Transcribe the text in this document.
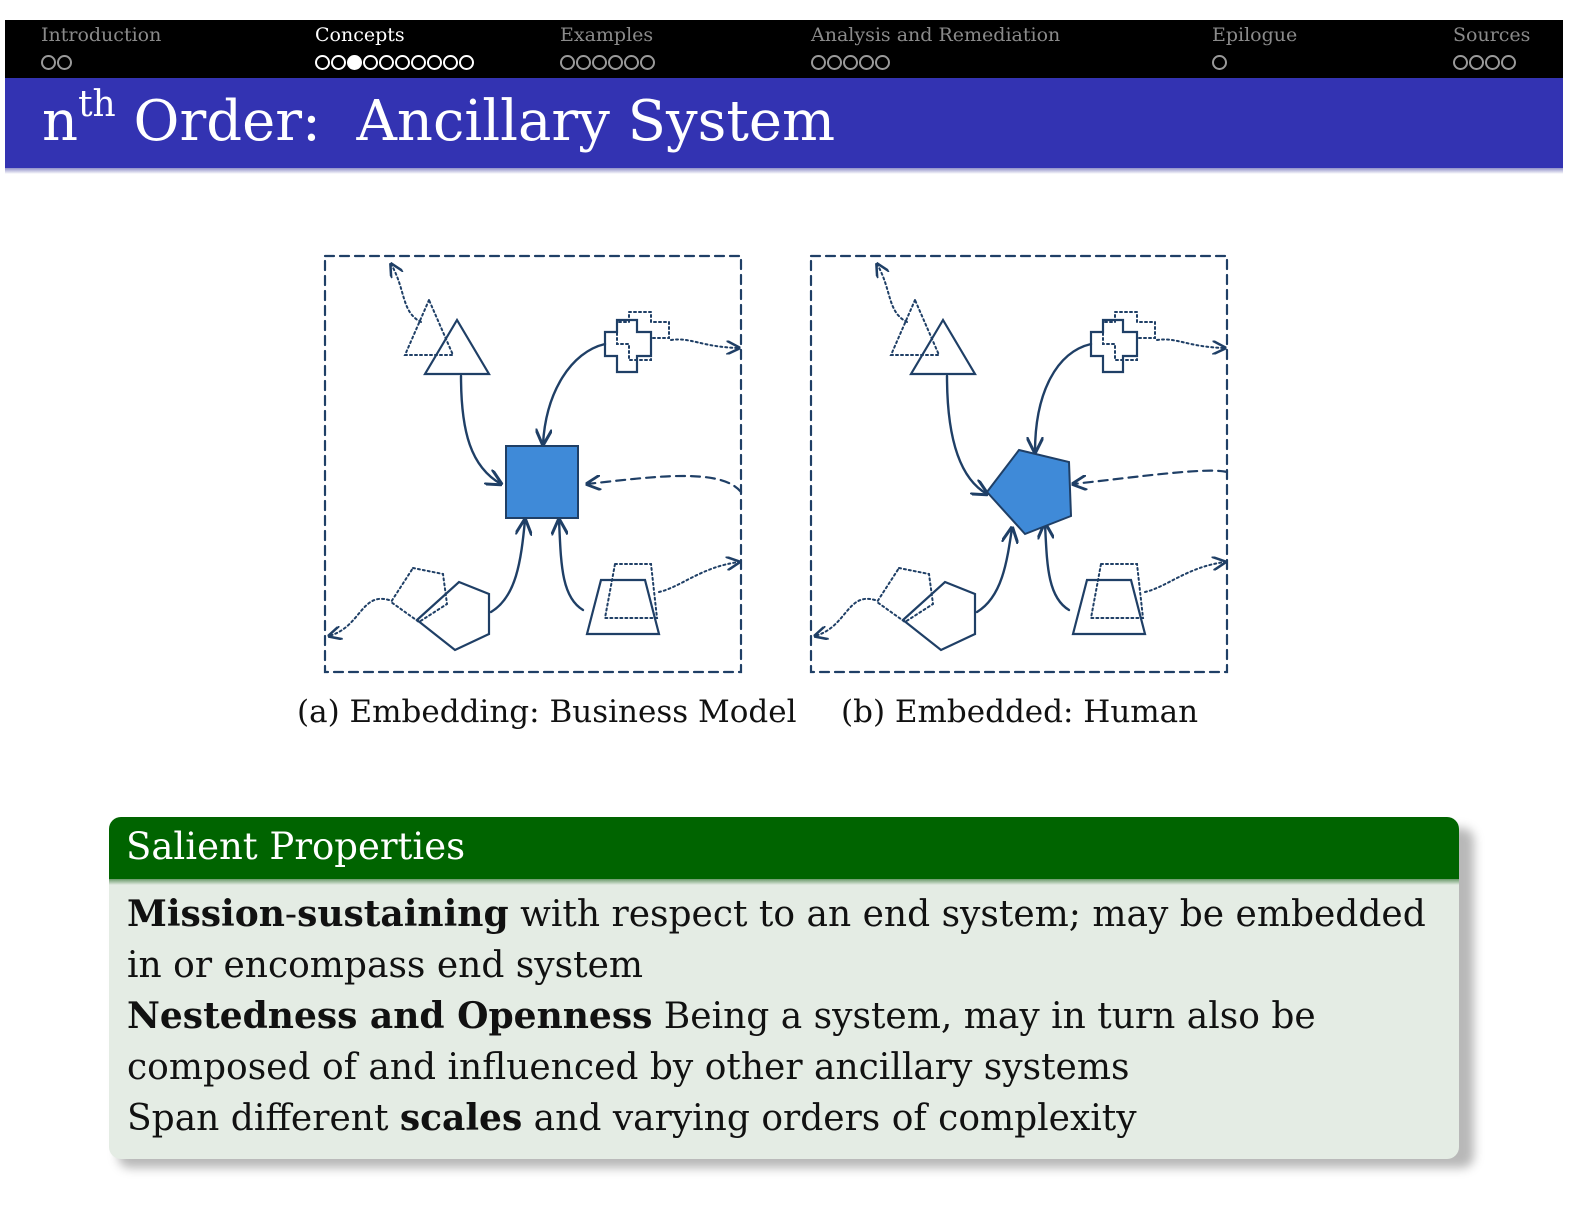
Introduction	Concepts	Examples	Analysis and Remediation	Epilogue	Sources
$n^{th}$ Order:  Ancillary System
(a) Embedding: Business Model (b) Embedded: Human
Salient Properties
Mission-sustaining with respect to an end system; may be embedded in or encompass end system
Nestedness and Openness Being a system, may in turn also be composed of and influenced by other ancillary systems
Span different scales and varying orders of complexity
